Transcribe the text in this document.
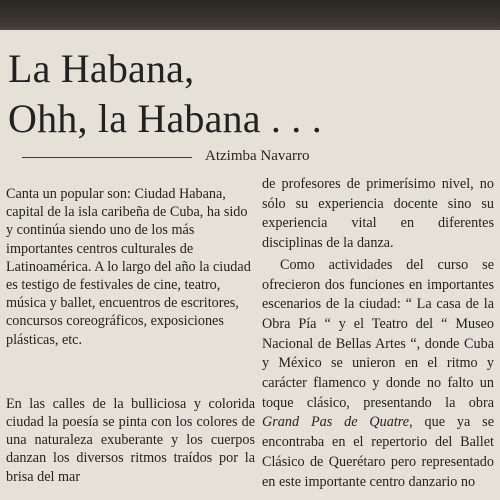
La Habana,
Ohh, la Habana . . .
Atzimba Navarro

Canta un popular son: Ciudad Habana, capital de la isla caribeña de Cuba, ha sido y continúa siendo uno de los más importantes centros culturales de Latinoamérica. A lo largo del año la ciudad es testigo de festivales de cine, teatro, música y ballet, encuentros de escritores, concursos coreográficos, exposiciones plásticas, etc.

En las calles de la bulliciosa y colorida ciudad la poesía se pinta con los colores de una naturaleza exuberante y los cuerpos danzan los diversos ritmos traídos por la brisa del mar

de profesores de primerísimo nivel, no sólo su experiencia docente sino su experiencia vital en diferentes disciplinas de la danza.

Como actividades del curso se ofrecieron dos funciones en importantes escenarios de la ciudad: “ La casa de la Obra Pía “ y el Teatro del “ Museo Nacional de Bellas Artes “, donde Cuba y México se unieron en el ritmo y carácter flamenco y donde no falto un toque clásico, presentando la obra Grand Pas de Quatre, que ya se encontraba en el repertorio del Ballet Clásico de Querétaro pero representado en este importante centro danzario no
